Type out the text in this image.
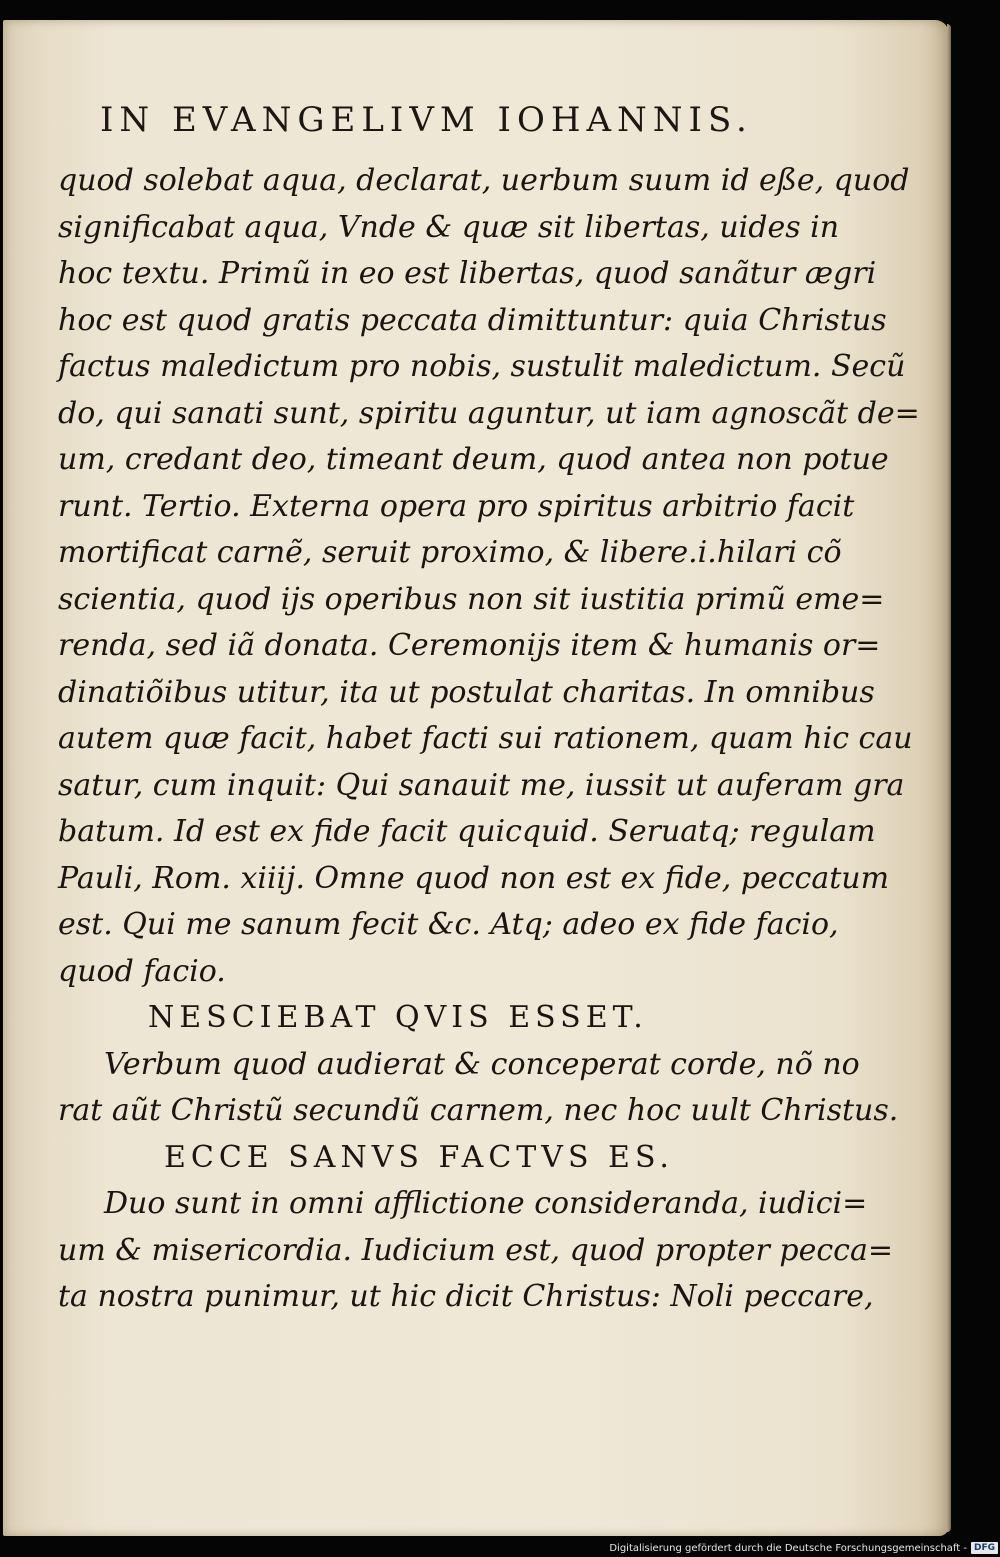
IN EVANGELIVM IOHANNIS.
quod solebat aqua, declarat, uerbum suum id eße, quod
significabat aqua, Vnde & quæ sit libertas, uides in
hoc textu. Primũ in eo est libertas, quod sanãtur ægri
hoc est quod gratis peccata dimittuntur: quia Christus
factus maledictum pro nobis, sustulit maledictum. Secũ
do, qui sanati sunt, spiritu aguntur, ut iam agnoscãt de=
um, credant deo, timeant deum, quod antea non potue
runt. Tertio. Externa opera pro spiritus arbitrio facit
mortificat carnẽ, seruit proximo, & libere.i.hilari cõ
scientia, quod ijs operibus non sit iustitia primũ eme=
renda, sed iã donata. Ceremonijs item & humanis or=
dinatiõibus utitur, ita ut postulat charitas. In omnibus
autem quæ facit, habet facti sui rationem, quam hic cau
satur, cum inquit: Qui sanauit me, iussit ut auferam gra
batum. Id est ex fide facit quicquid. Seruatq; regulam
Pauli, Rom. xiiij. Omne quod non est ex fide, peccatum
est. Qui me sanum fecit &c. Atq; adeo ex fide facio,
quod facio.
NESCIEBAT QVIS ESSET.
Verbum quod audierat & conceperat corde, nõ no
rat aũt Christũ secundũ carnem, nec hoc uult Christus.
ECCE SANVS FACTVS ES.
Duo sunt in omni afflictione consideranda, iudici=
um & misericordia. Iudicium est, quod propter pecca=
ta nostra punimur, ut hic dicit Christus: Noli peccare,
Digitalisierung gefördert durch die Deutsche Forschungsgemeinschaft - DFG
